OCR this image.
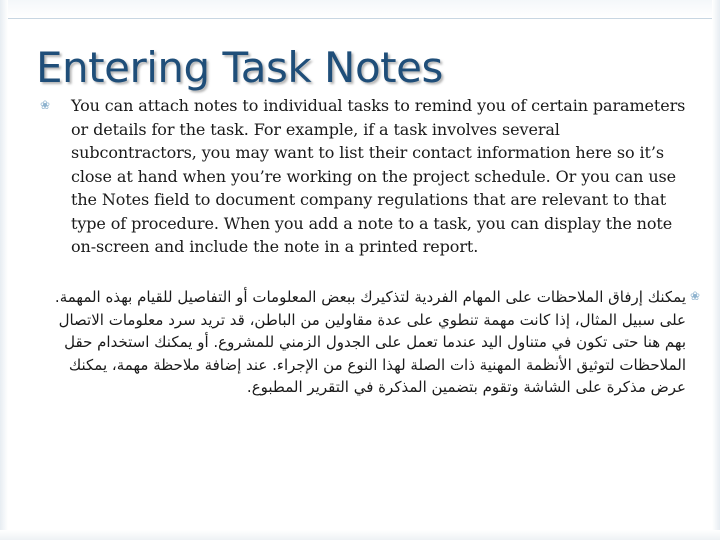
Entering Task Notes
❀ You can attach notes to individual tasks to remind you of certain parameters or details for the task. For example, if a task involves several subcontractors, you may want to list their contact information here so it’s close at hand when you’re working on the project schedule. Or you can use the Notes field to document company regulations that are relevant to that type of procedure. When you add a note to a task, you can display the note on-screen and include the note in a printed report.

❀

يمكنك إرفاق الملاحظات على المهام الفردية لتذكيرك ببعض المعلومات أو التفاصيل للقيام بهذه المهمة. على سبيل المثال، إذا كانت مهمة تنطوي على عدة مقاولين من الباطن، قد تريد سرد معلومات الاتصال بهم هنا حتى تكون في متناول اليد عندما تعمل على الجدول الزمني للمشروع. أو يمكنك استخدام حقل الملاحظات لتوثيق الأنظمة المهنية ذات الصلة لهذا النوع من الإجراء. عند إضافة ملاحظة مهمة، يمكنك عرض مذكرة على الشاشة وتقوم بتضمين المذكرة في التقرير المطبوع.
